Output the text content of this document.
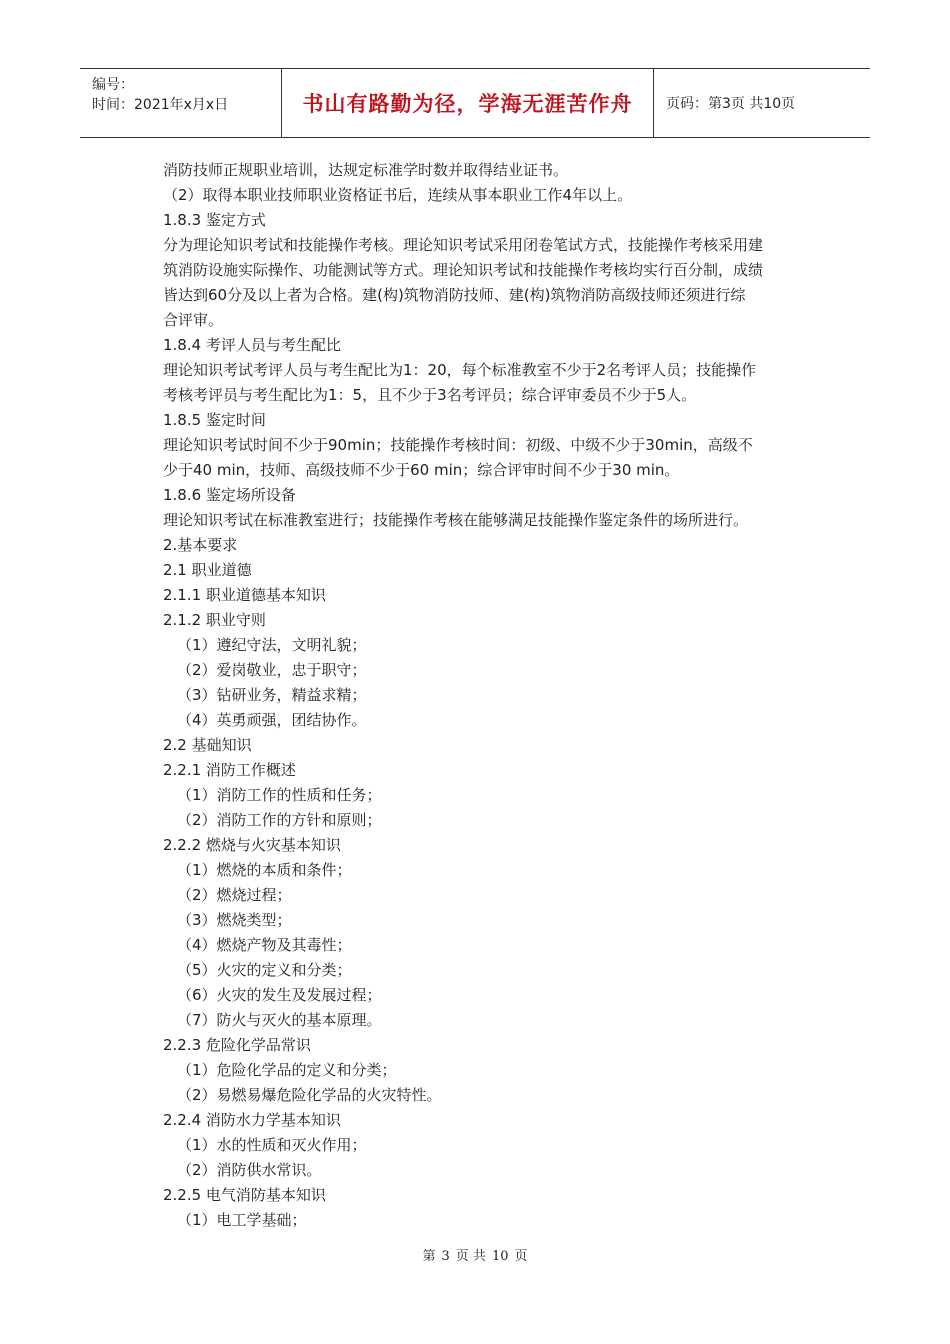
编号：
时间：2021年x月x日	书山有路勤为径，学海无涯苦作舟 页码：第3页 共10页

消防技师正规职业培训，达规定标准学时数并取得结业证书。

（2）取得本职业技师职业资格证书后，连续从事本职业工作4年以上。

1.8.3 鉴定方式

分为理论知识考试和技能操作考核。理论知识考试采用闭卷笔试方式，技能操作考核采用建

筑消防设施实际操作、功能测试等方式。理论知识考试和技能操作考核均实行百分制，成绩

皆达到60分及以上者为合格。建(构)筑物消防技师、建(构)筑物消防高级技师还须进行综

合评审。

1.8.4 考评人员与考生配比

理论知识考试考评人员与考生配比为1：20，每个标准教室不少于2名考评人员；技能操作

考核考评员与考生配比为1：5，且不少于3名考评员；综合评审委员不少于5人。

1.8.5 鉴定时间

理论知识考试时间不少于90min；技能操作考核时间：初级、中级不少于30min，高级不

少于40 min，技师、高级技师不少于60 min；综合评审时间不少于30 min。

1.8.6 鉴定场所设备

理论知识考试在标准教室进行；技能操作考核在能够满足技能操作鉴定条件的场所进行。

2.基本要求

2.1 职业道德

2.1.1 职业道德基本知识

2.1.2 职业守则

（1）遵纪守法，文明礼貌；

（2）爱岗敬业，忠于职守；

（3）钻研业务，精益求精；

（4）英勇顽强，团结协作。

2.2 基础知识

2.2.1 消防工作概述

（1）消防工作的性质和任务；

（2）消防工作的方针和原则；

2.2.2 燃烧与火灾基本知识

（1）燃烧的本质和条件；

（2）燃烧过程；

（3）燃烧类型；

（4）燃烧产物及其毒性；

（5）火灾的定义和分类；

（6）火灾的发生及发展过程；

（7）防火与灭火的基本原理。

2.2.3 危险化学品常识

（1）危险化学品的定义和分类；

（2）易燃易爆危险化学品的火灾特性。

2.2.4 消防水力学基本知识

（1）水的性质和灭火作用；

（2）消防供水常识。

2.2.5 电气消防基本知识

（1）电工学基础；

第 3 页 共 10 页
